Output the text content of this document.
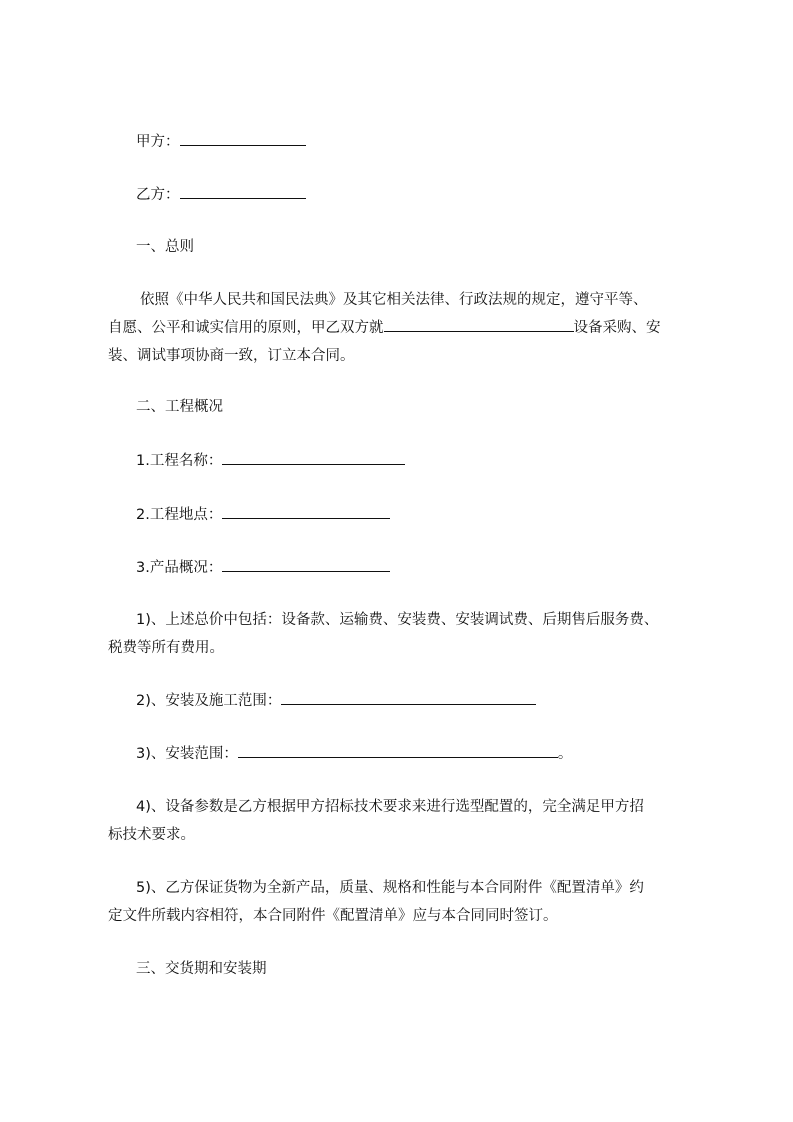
甲方：
乙方：
一、总则
依照《中华人民共和国民法典》及其它相关法律、行政法规的规定，遵守平等、
自愿、公平和诚实信用的原则，甲乙双方就	设备采购、安
装、调试事项协商一致，订立本合同。
二、工程概况
1.工程名称：
2.工程地点：
3.产品概况：
1)、上述总价中包括：设备款、运输费、安装费、安装调试费、后期售后服务费、
税费等所有费用。
2)、安装及施工范围：
3)、安装范围：	。
4)、设备参数是乙方根据甲方招标技术要求来进行选型配置的，完全满足甲方招
标技术要求。
5)、乙方保证货物为全新产品，质量、规格和性能与本合同附件《配置清单》约
定文件所载内容相符，本合同附件《配置清单》应与本合同同时签订。
三、交货期和安装期
